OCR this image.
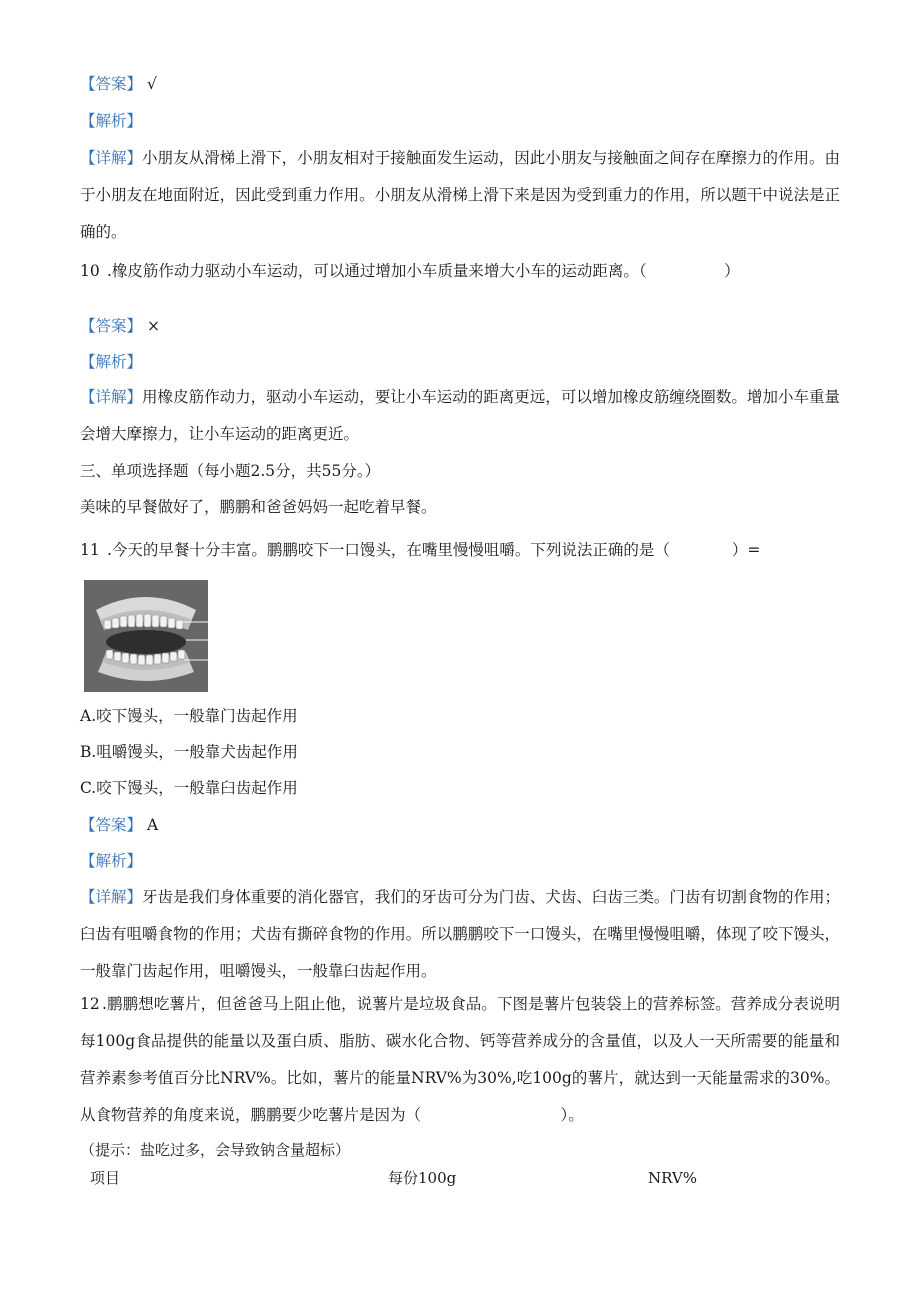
【答案】 √
【解析】
【详解】小朋友从滑梯上滑下，小朋友相对于接触面发生运动，因此小朋友与接触面之间存在摩擦力的作用。由于小朋友在地面附近，因此受到重力作用。小朋友从滑梯上滑下来是因为受到重力的作用，所以题干中说法是正确的。
10 .橡皮筋作动力驱动小车运动，可以通过增加小车质量来增大小车的运动距离。（　　　　　）
【答案】 ×
【解析】
【详解】用橡皮筋作动力，驱动小车运动，要让小车运动的距离更远，可以增加橡皮筋缠绕圈数。增加小车重量会增大摩擦力，让小车运动的距离更近。
三、单项选择题（每小题2.5分，共55分。）
美味的早餐做好了，鹏鹏和爸爸妈妈一起吃着早餐。
11 .今天的早餐十分丰富。鹏鹏咬下一口馒头，在嘴里慢慢咀嚼。下列说法正确的是（　　　　）=
A.咬下馒头，一般靠门齿起作用
B.咀嚼馒头，一般靠犬齿起作用
C.咬下馒头，一般靠臼齿起作用
【答案】 A
【解析】
【详解】牙齿是我们身体重要的消化器官，我们的牙齿可分为门齿、犬齿、臼齿三类。门齿有切割食物的作用；臼齿有咀嚼食物的作用；犬齿有撕碎食物的作用。所以鹏鹏咬下一口馒头，在嘴里慢慢咀嚼，体现了咬下馒头，一般靠门齿起作用，咀嚼馒头，一般靠臼齿起作用。
12 .鹏鹏想吃薯片，但爸爸马上阻止他，说薯片是垃圾食品。下图是薯片包装袋上的营养标签。营养成分表说明每100g食品提供的能量以及蛋白质、脂肪、碳水化合物、钙等营养成分的含量值，以及人一天所需要的能量和营养素参考值百分比NRV%。比如，薯片的能量NRV%为30%,吃100g的薯片，就达到一天能量需求的30%。从食物营养的角度来说，鹏鹏要少吃薯片是因为（　　　　　　　　　）。
（提示：盐吃过多，会导致钠含量超标）
项目	每份100g	NRV%
